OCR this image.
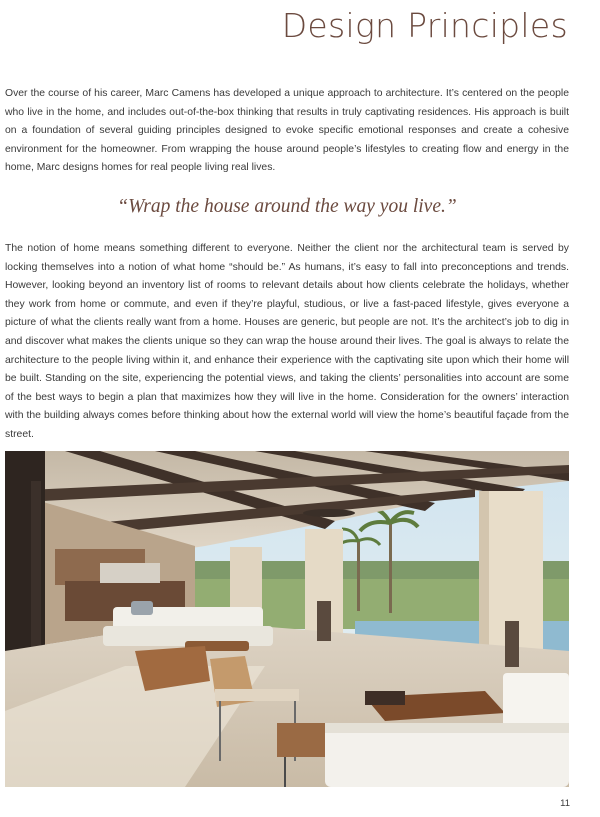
Design Principles

Over the course of his career, Marc Camens has developed a unique approach to architecture. It’s centered on the people who live in the home, and includes out-of-the-box thinking that results in truly captivating residences. His approach is built on a foundation of several guiding principles designed to evoke specific emotional responses and create a cohesive environment for the homeowner. From wrapping the house around people’s lifestyles to creating flow and energy in the home, Marc designs homes for real people living real lives.

“Wrap the house around the way you live.”

The notion of home means something different to everyone. Neither the client nor the architectural team is served by locking themselves into a notion of what home “should be.” As humans, it’s easy to fall into preconceptions and trends. However, looking beyond an inventory list of rooms to relevant details about how clients celebrate the holidays, whether they work from home or commute, and even if they’re playful, studious, or live a fast-paced lifestyle, gives everyone a picture of what the clients really want from a home. Houses are generic, but people are not. It’s the architect’s job to dig in and discover what makes the clients unique so they can wrap the house around their lives. The goal is always to relate the architecture to the people living within it, and enhance their experience with the captivating site upon which their home will be built. Standing on the site, experiencing the potential views, and taking the clients’ personalities into account are some of the best ways to begin a plan that maximizes how they will live in the home. Consideration for the owners’ interaction with the building always comes before thinking about how the external world will view the home’s beautiful façade from the street.

11
